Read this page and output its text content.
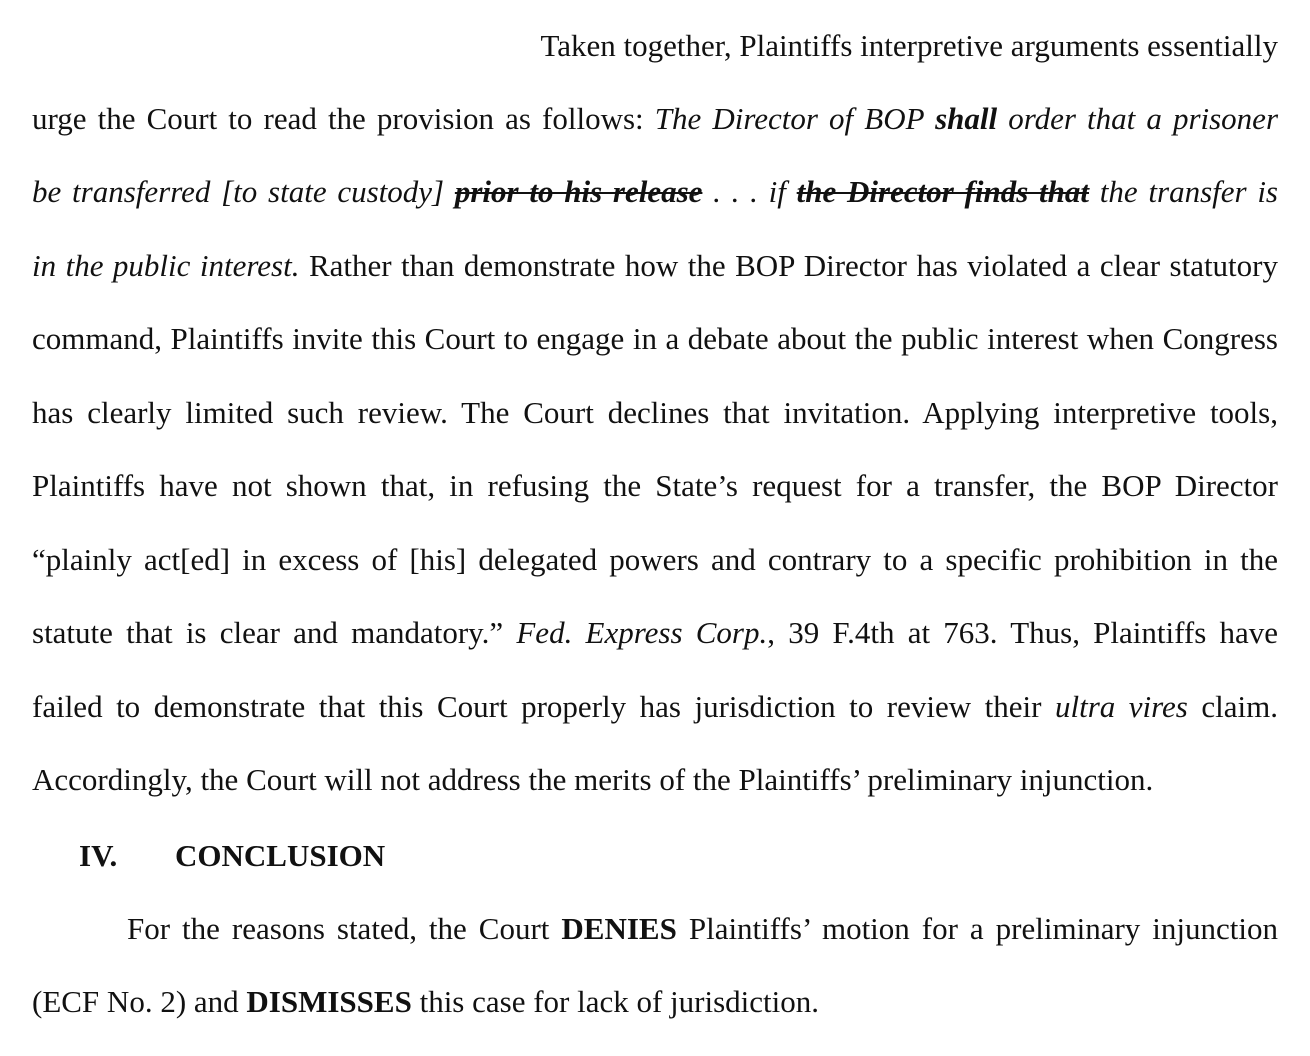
Taken together, Plaintiffs interpretive arguments essentially
urge the Court to read the provision as follows: The Director of BOP shall order that a prisoner
be transferred [to state custody] prior to his release . . . if the Director finds that the transfer is
in the public interest. Rather than demonstrate how the BOP Director has violated a clear statutory
command, Plaintiffs invite this Court to engage in a debate about the public interest when Congress
has clearly limited such review. The Court declines that invitation. Applying interpretive tools,
Plaintiffs have not shown that, in refusing the State’s request for a transfer, the BOP Director
“plainly act[ed] in excess of [his] delegated powers and contrary to a specific prohibition in the
statute that is clear and mandatory.” Fed. Express Corp., 39 F.4th at 763. Thus, Plaintiffs have
failed to demonstrate that this Court properly has jurisdiction to review their ultra vires claim.
Accordingly, the Court will not address the merits of the Plaintiffs’ preliminary injunction.
IV. CONCLUSION
For the reasons stated, the Court DENIES Plaintiffs’ motion for a preliminary injunction
(ECF No. 2) and DISMISSES this case for lack of jurisdiction.
